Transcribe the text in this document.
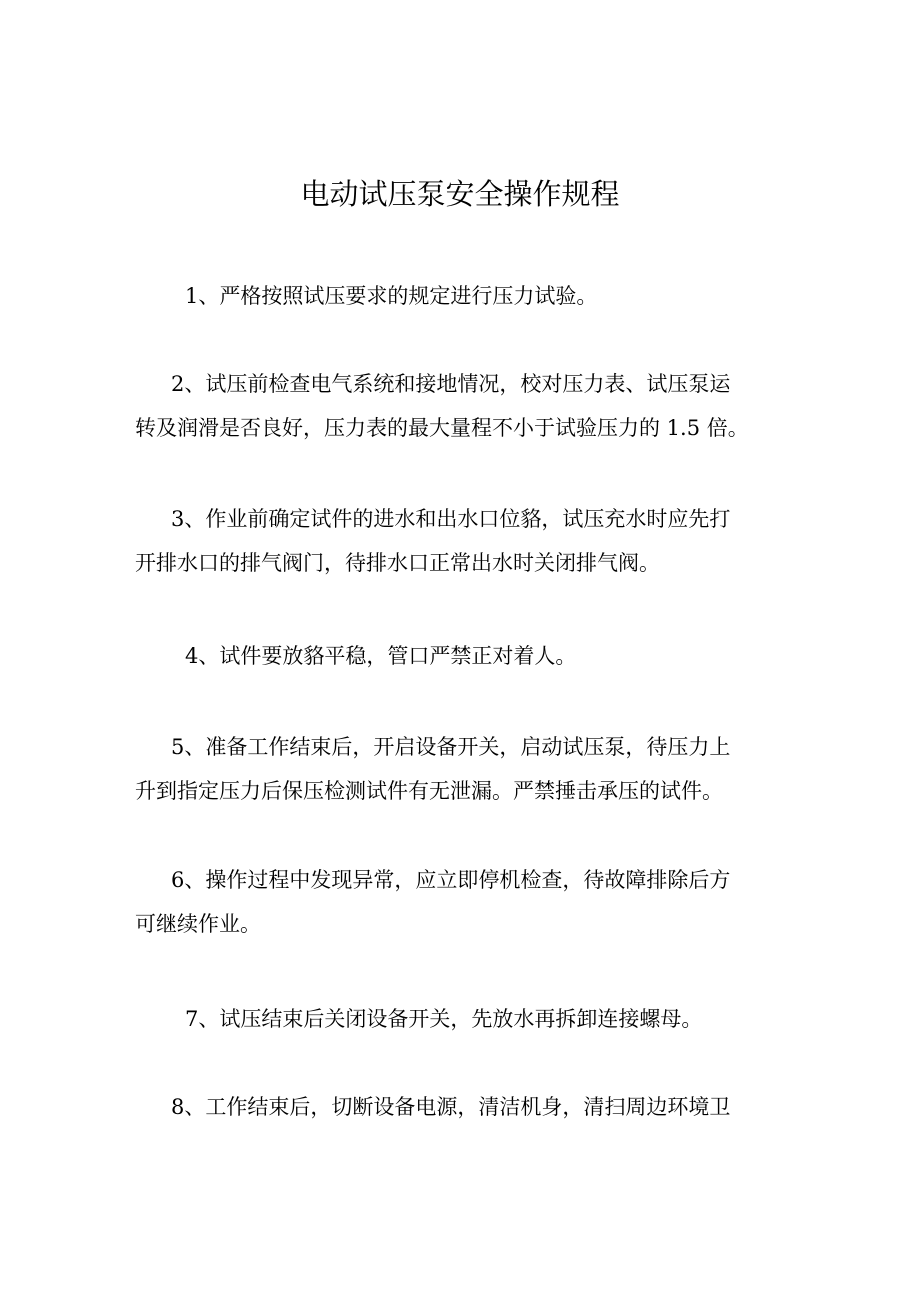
电动试压泵安全操作规程

1、严格按照试压要求的规定进行压力试验。

2、试压前检查电气系统和接地情况，校对压力表、试压泵运
转及润滑是否良好，压力表的最大量程不小于试验压力的 1.5 倍。

3、作业前确定试件的进水和出水口位貉，试压充水时应先打
开排水口的排气阀门，待排水口正常出水时关闭排气阀。

4、试件要放貉平稳，管口严禁正对着人。

5、准备工作结束后，开启设备开关，启动试压泵，待压力上
升到指定压力后保压检测试件有无泄漏。严禁捶击承压的试件。

6、操作过程中发现异常，应立即停机检查，待故障排除后方
可继续作业。

7、试压结束后关闭设备开关，先放水再拆卸连接螺母。

8、工作结束后，切断设备电源，清洁机身，清扫周边环境卫
